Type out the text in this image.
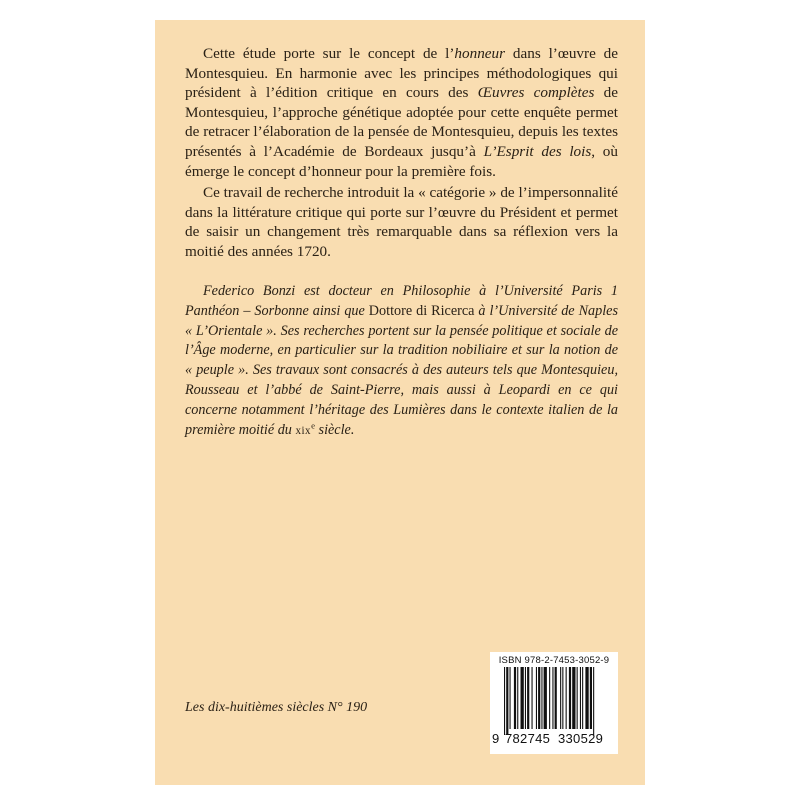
Cette étude porte sur le concept de l’honneur dans l’œuvre de Montesquieu. En harmonie avec les principes méthodologiques qui président à l’édition critique en cours des Œuvres complètes de Montesquieu, l’approche génétique adoptée pour cette enquête permet de retracer l’élaboration de la pensée de Montesquieu, depuis les textes présentés à l’Académie de Bordeaux jusqu’à L’Esprit des lois, où émerge le concept d’honneur pour la première fois.

Ce travail de recherche introduit la « catégorie » de l’impersonnalité dans la littérature critique qui porte sur l’œuvre du Président et permet de saisir un changement très remarquable dans sa réflexion vers la moitié des années 1720.

Federico Bonzi est docteur en Philosophie à l’Université Paris 1 Panthéon – Sorbonne ainsi que Dottore di Ricerca à l’Université de Naples « L’Orientale ». Ses recherches portent sur la pensée politique et sociale de l’Âge moderne, en particulier sur la tradition nobiliaire et sur la notion de « peuple ». Ses travaux sont consacrés à des auteurs tels que Montesquieu, Rousseau et l’abbé de Saint-Pierre, mais aussi à Leopardi en ce qui concerne notamment l’héritage des Lumières dans le contexte italien de la première moitié du xix$^e$ siècle.

Les dix-huitièmes siècles N° 190
ISBN 978-2-7453-3052-9
9 782745 330529
